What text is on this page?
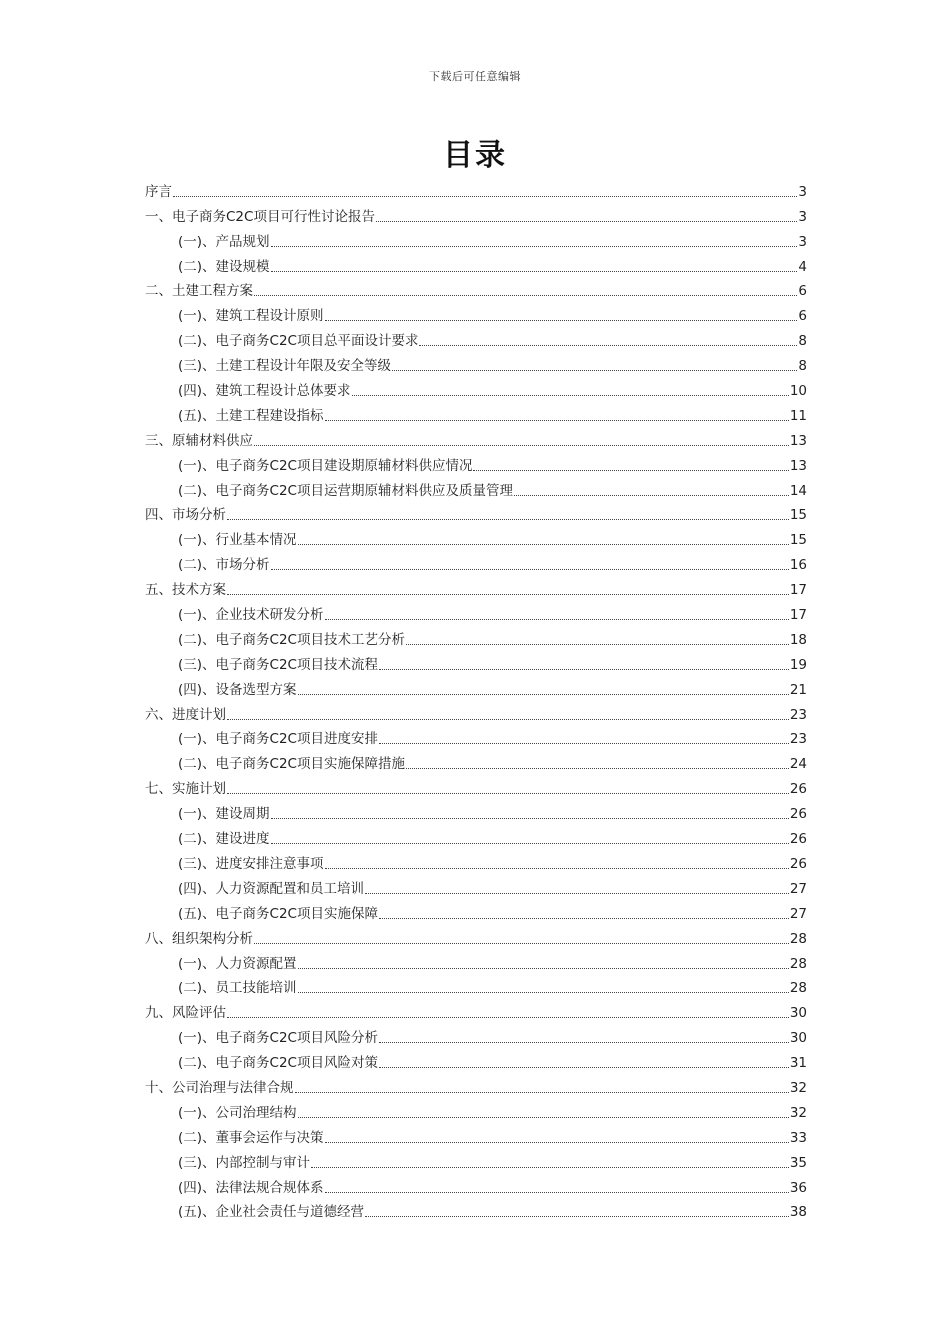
下载后可任意编辑
目录
序言	3
一、电子商务C2C项目可行性讨论报告	3
(一)、产品规划	3
(二)、建设规模	4
二、土建工程方案	6
(一)、建筑工程设计原则	6
(二)、电子商务C2C项目总平面设计要求	8
(三)、土建工程设计年限及安全等级	8
(四)、建筑工程设计总体要求	10
(五)、土建工程建设指标	11
三、原辅材料供应	13
(一)、电子商务C2C项目建设期原辅材料供应情况	13
(二)、电子商务C2C项目运营期原辅材料供应及质量管理	14
四、市场分析	15
(一)、行业基本情况	15
(二)、市场分析	16
五、技术方案	17
(一)、企业技术研发分析	17
(二)、电子商务C2C项目技术工艺分析	18
(三)、电子商务C2C项目技术流程	19
(四)、设备选型方案	21
六、进度计划	23
(一)、电子商务C2C项目进度安排	23
(二)、电子商务C2C项目实施保障措施	24
七、实施计划	26
(一)、建设周期	26
(二)、建设进度	26
(三)、进度安排注意事项	26
(四)、人力资源配置和员工培训	27
(五)、电子商务C2C项目实施保障	27
八、组织架构分析	28
(一)、人力资源配置	28
(二)、员工技能培训	28
九、风险评估	30
(一)、电子商务C2C项目风险分析	30
(二)、电子商务C2C项目风险对策	31
十、公司治理与法律合规	32
(一)、公司治理结构	32
(二)、董事会运作与决策	33
(三)、内部控制与审计	35
(四)、法律法规合规体系	36
(五)、企业社会责任与道德经营	38
